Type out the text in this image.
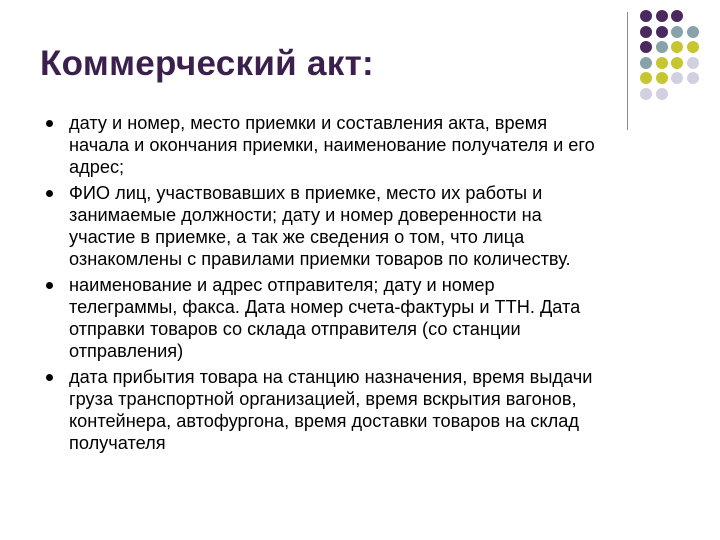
Коммерческий акт:
дату и номер, место приемки и составления акта, время
начала и окончания приемки, наименование получателя и его
адрес;
ФИО лиц, участвовавших в приемке, место их работы и
занимаемые должности; дату и номер доверенности на
участие в приемке, а так же сведения о том, что лица
ознакомлены с правилами приемки товаров по количеству.
наименование и адрес отправителя; дату и номер
телеграммы, факса. Дата номер счета-фактуры и ТТН. Дата
отправки товаров со склада отправителя (со станции
отправления)
дата прибытия товара на станцию назначения, время выдачи
груза транспортной организацией, время вскрытия вагонов,
контейнера, автофургона, время доставки товаров на склад
получателя
